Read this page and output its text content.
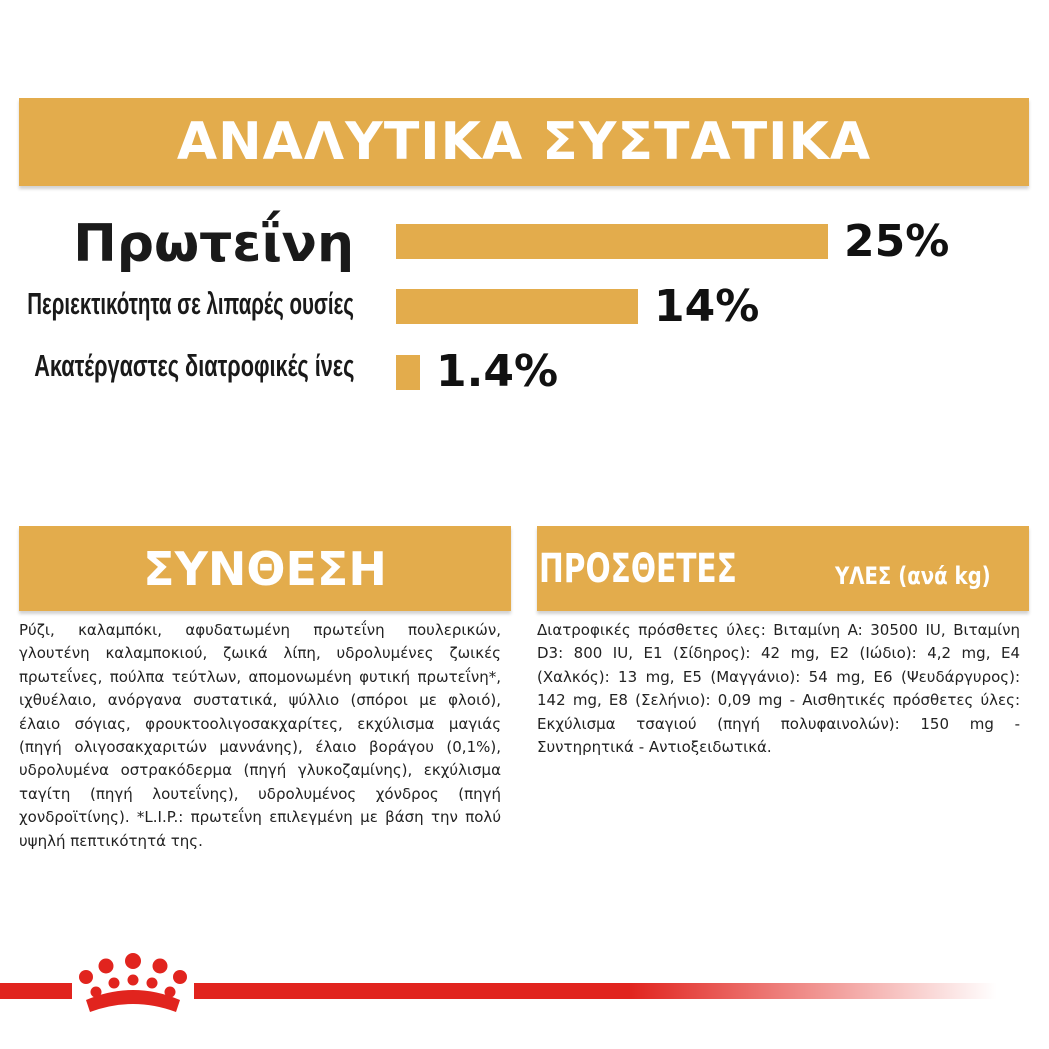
ΑΝΑΛΥΤΙΚΑ ΣΥΣΤΑΤΙΚΑ
Πρωτεΐνη
Περιεκτικότητα σε λιπαρές ουσίες
Ακατέργαστες διατροφικές ίνες
25%
14%
1.4%
ΣΥΝΘΕΣΗ
Ρύζι, καλαμπόκι, αφυδατωμένη πρωτεΐνη πουλερικών, γλουτένη καλαμποκιού, ζωικά λίπη, υδρολυμένες ζωικές πρωτεΐνες, πούλπα τεύτλων, απομονωμένη φυτική πρωτεΐνη*, ιχθυέλαιο, ανόργανα συστατικά, ψύλλιο (σπόροι με φλοιό), έλαιο σόγιας, φρουκτοολιγοσακχαρίτες, εκχύλισμα μαγιάς (πηγή ολιγοσακχαριτών μαννάνης), έλαιο βοράγου (0,1%), υδρολυμένα οστρακόδερμα (πηγή γλυκοζαμίνης), εκχύλισμα ταγίτη (πηγή λουτεΐνης), υδρολυμένος χόνδρος (πηγή χονδροϊτίνης). *L.I.P.: πρωτεΐνη επιλεγμένη με βάση την πολύ υψηλή πεπτικότητά της.
ΠΡΟΣΘΕΤΕΣ	ΥΛΕΣ (ανά kg)
Διατροφικές πρόσθετες ύλες: Βιταμίνη A: 30500 IU, Βιταμίνη D3: 800 IU, E1 (Σίδηρος): 42 mg, E2 (Ιώδιο): 4,2 mg, E4 (Χαλκός): 13 mg, E5 (Μαγγάνιο): 54 mg, E6 (Ψευδάργυρος): 142 mg, E8 (Σελήνιο): 0,09 mg - Αισθητικές πρόσθετες ύλες: Εκχύλισμα τσαγιού (πηγή πολυφαινολών): 150 mg - Συντηρητικά - Αντιοξειδωτικά.
